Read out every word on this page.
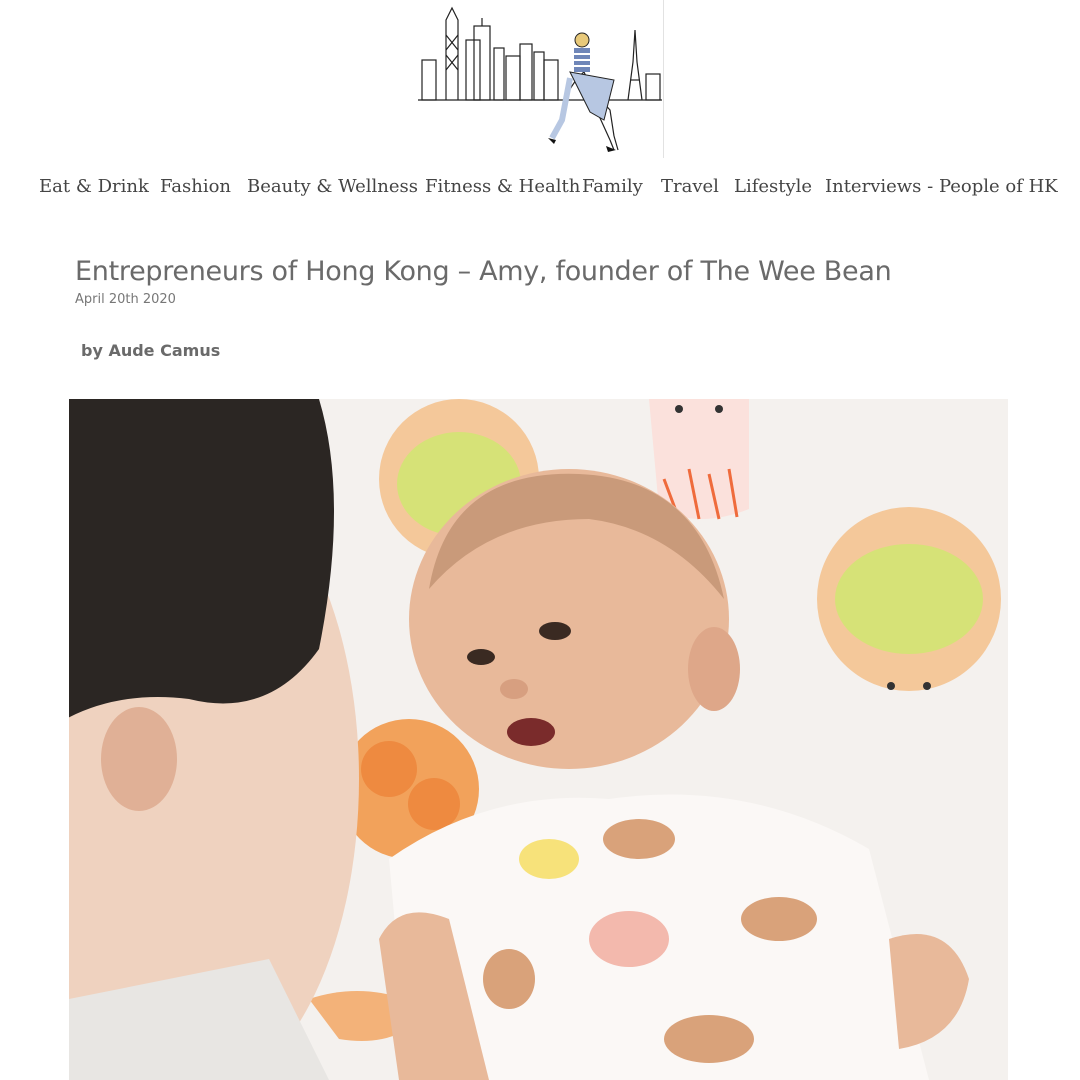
Eat & Drink Fashion Beauty & Wellness Fitness & Health Family Travel Lifestyle Interviews - People of HK
Entrepreneurs of Hong Kong – Amy, founder of The Wee Bean
April 20th 2020
by Aude Camus
